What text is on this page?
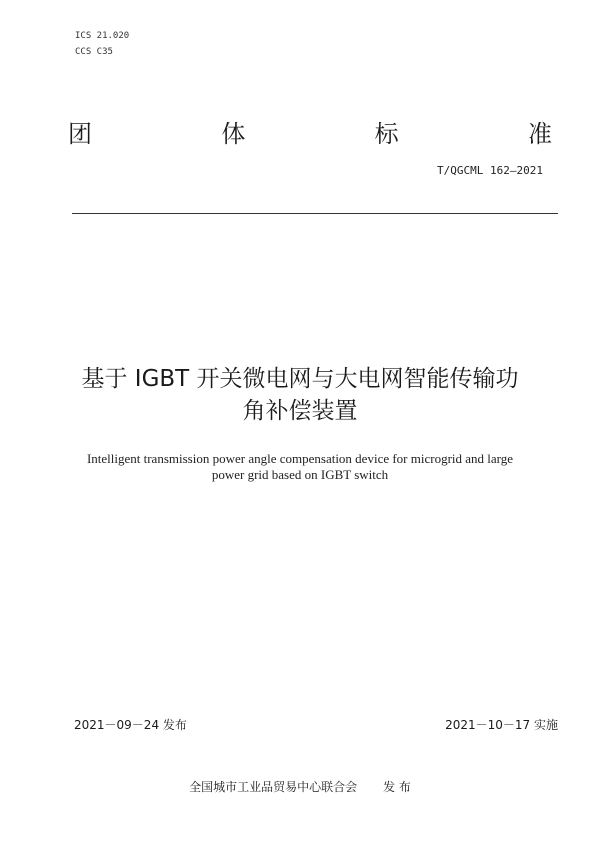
ICS 21.020
CCS C35
团	体	标	准
T/QGCML 162—2021
基于 IGBT 开关微电网与大电网智能传输功
角补偿装置
Intelligent transmission power angle compensation device for microgrid and large
power grid based on IGBT switch
2021－09－24 发布	2021－10－17 实施
全国城市工业品贸易中心联合会 发 布
